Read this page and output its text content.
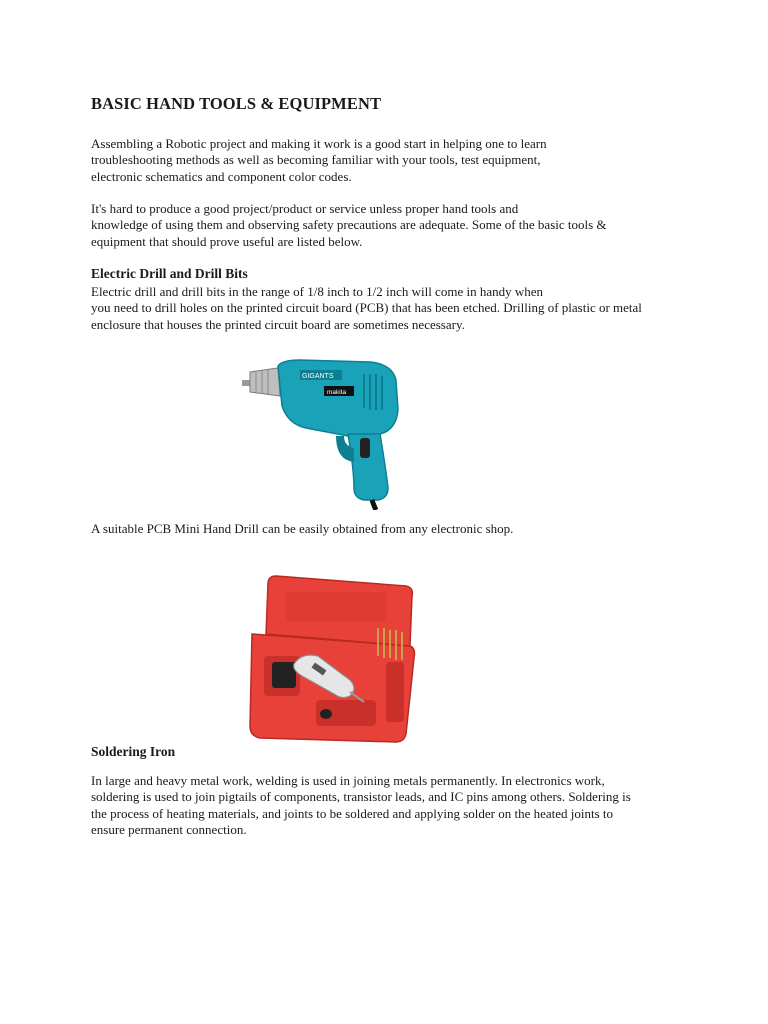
BASIC HAND TOOLS & EQUIPMENT

Assembling a Robotic project and making it work is a good start in helping one to learn
troubleshooting methods as well as becoming familiar with your tools, test equipment,
electronic schematics and component color codes.

It's hard to produce a good project/product or service unless proper hand tools and
knowledge of using them and observing safety precautions are adequate. Some of the basic tools &
equipment that should prove useful are listed below.

Electric Drill and Drill Bits

Electric drill and drill bits in the range of 1/8 inch to 1/2 inch will come in handy when
you need to drill holes on the printed circuit board (PCB) that has been etched. Drilling of plastic or metal
enclosure that houses the printed circuit board are sometimes necessary.

GIGANTS
makita

A suitable PCB Mini Hand Drill can be easily obtained from any electronic shop.

Soldering Iron

In large and heavy metal work, welding is used in joining metals permanently. In electronics work,
soldering is used to join pigtails of components, transistor leads, and IC pins among others. Soldering is
the process of heating materials, and joints to be soldered and applying solder on the heated joints to
ensure permanent connection.
